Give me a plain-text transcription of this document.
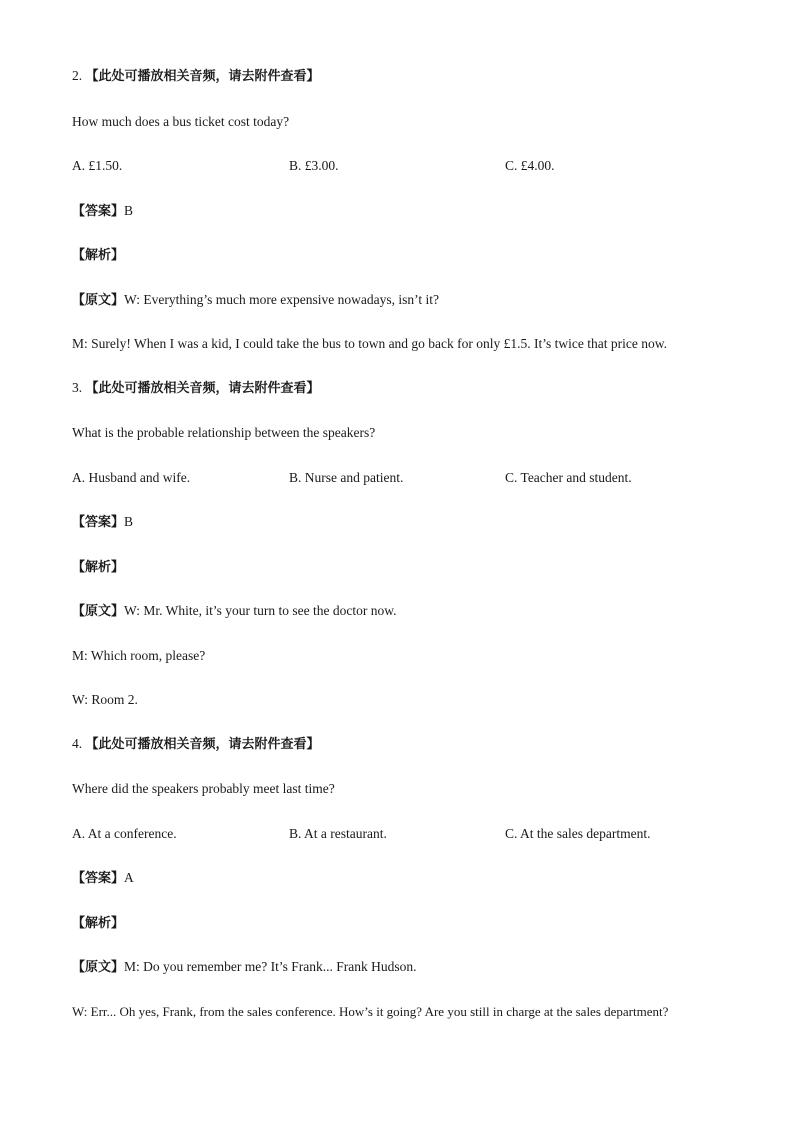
2. 【此处可播放相关音频，请去附件查看】
How much does a bus ticket cost today?
A. £1.50.	B. £3.00.	C. £4.00.
【答案】B
【解析】
【原文】W: Everything’s much more expensive nowadays, isn’t it?
M: Surely! When I was a kid, I could take the bus to town and go back for only £1.5. It’s twice that price now.
3. 【此处可播放相关音频，请去附件查看】
What is the probable relationship between the speakers?
A. Husband and wife.	B. Nurse and patient.	C. Teacher and student.
【答案】B
【解析】
【原文】W: Mr. White, it’s your turn to see the doctor now.
M: Which room, please?
W: Room 2.
4. 【此处可播放相关音频，请去附件查看】
Where did the speakers probably meet last time?
A. At a conference.	B. At a restaurant.	C. At the sales department.
【答案】A
【解析】
【原文】M: Do you remember me? It’s Frank... Frank Hudson.
W: Err... Oh yes, Frank, from the sales conference. How’s it going? Are you still in charge at the sales department?
